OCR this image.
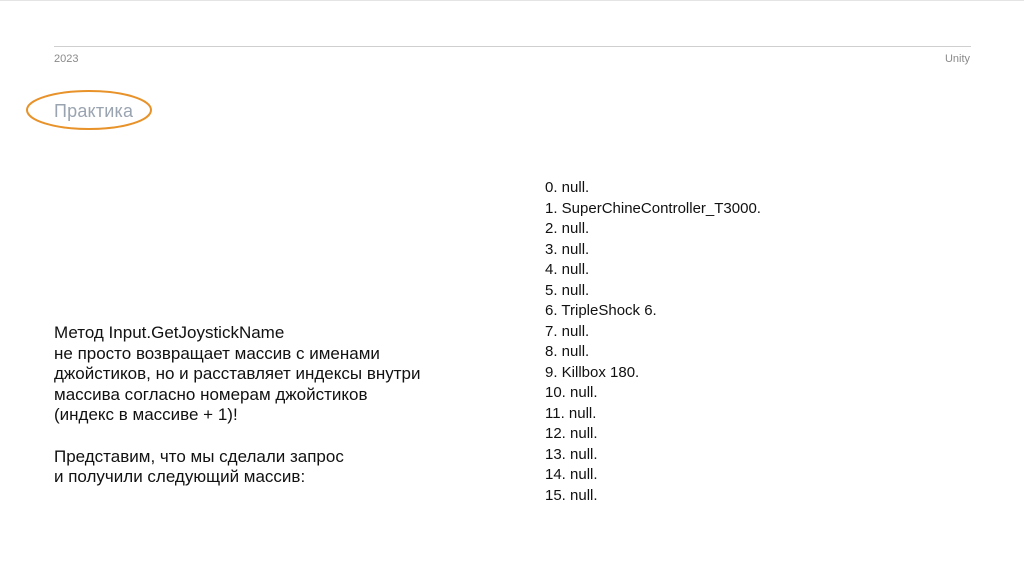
2023	Unity
Практика
Метод Input.GetJoystickName
не просто возвращает массив с именами
джойстиков, но и расставляет индексы внутри
массива согласно номерам джойстиков
(индекс в массиве + 1)!
Представим, что мы сделали запрос
и получили следующий массив:
0. null.
1. SuperChineController_T3000.
2. null.
3. null.
4. null.
5. null.
6. TripleShock 6.
7. null.
8. null.
9. Killbox 180.
10. null.
11. null.
12. null.
13. null.
14. null.
15. null.
